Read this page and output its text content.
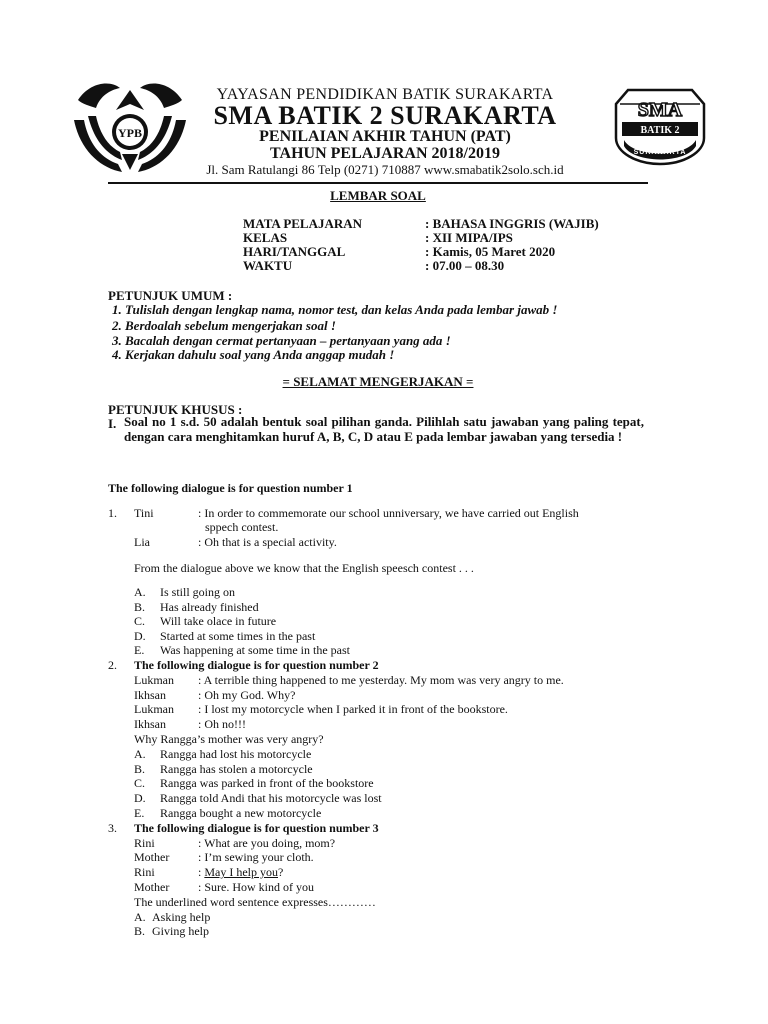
YPB
SMA
BATIK 2
SURAKARTA
YAYASAN PENDIDIKAN BATIK SURAKARTA
SMA BATIK 2 SURAKARTA
PENILAIAN AKHIR TAHUN (PAT)
TAHUN PELAJARAN 2018/2019
Jl. Sam Ratulangi 86 Telp (0271) 710887 www.smabatik2solo.sch.id
LEMBAR SOAL
MATA PELAJARAN	: BAHASA INGGRIS (WAJIB)
KELAS	: XII MIPA/IPS
HARI/TANGGAL	: Kamis, 05 Maret 2020
WAKTU	: 07.00 – 08.30
PETUNJUK UMUM :
1. Tulislah dengan lengkap nama, nomor test, dan kelas Anda pada lembar jawab !
2. Berdoalah sebelum mengerjakan soal !
3. Bacalah dengan cermat pertanyaan – pertanyaan yang ada !
4. Kerjakan dahulu soal yang Anda anggap mudah !
= SELAMAT MENGERJAKAN =
PETUNJUK KHUSUS :
I. Soal no 1 s.d. 50 adalah bentuk soal pilihan ganda. Pilihlah satu jawaban yang paling tepat, dengan cara menghitamkan huruf A, B, C, D atau E pada lembar jawaban yang tersedia !
The following dialogue is for question number 1
1. Tini	: In order to commemorate our school unniversary, we have carried out English
sppech contest.
Lia	: Oh that is a special activity.
From the dialogue above we know that the English speesch contest . . .
A. Is still going on
B. Has already finished
C. Will take olace in future
D. Started at some times in the past
E. Was happening at some time in the past
2. The following dialogue is for question number 2
Lukman : A terrible thing happened to me yesterday. My mom was very angry to me.
Ikhsan	: Oh my God. Why?
Lukman : I lost my motorcycle when I parked it in front of the bookstore.
Ikhsan	: Oh no!!!
Why Rangga’s mother was very angry?
A. Rangga had lost his motorcycle
B. Rangga has stolen a motorcycle
C. Rangga was parked in front of the bookstore
D. Rangga told Andi that his motorcycle was lost
E. Rangga bought a new motorcycle
3. The following dialogue is for question number 3
Rini	: What are you doing, mom?
Mother : I’m sewing your cloth.
Rini	: May I help you?
Mother : Sure. How kind of you
The underlined word sentence expresses…………
A. Asking help
B. Giving help
